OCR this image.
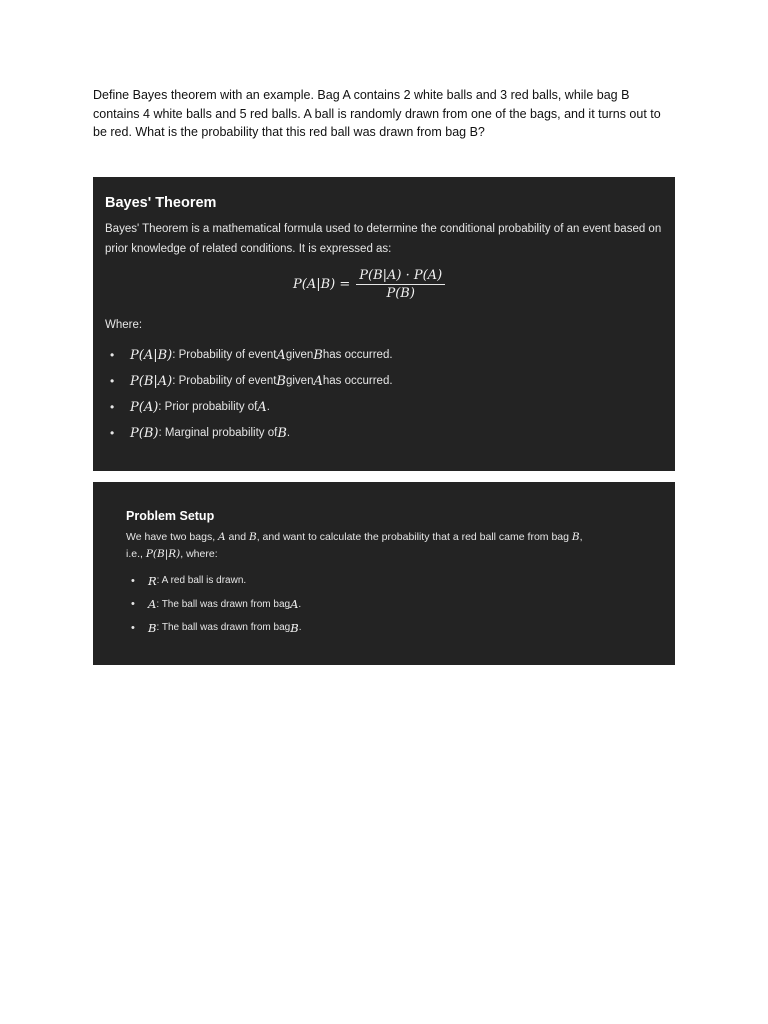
Define Bayes theorem with an example. Bag A contains 2 white balls and 3 red balls, while bag B contains 4 white balls and 5 red balls. A ball is randomly drawn from one of the bags, and it turns out to be red. What is the probability that this red ball was drawn from bag B?
Bayes' Theorem
Bayes' Theorem is a mathematical formula used to determine the conditional probability of an event based on prior knowledge of related conditions. It is expressed as:
$P(A|B) = \frac{P(B|A) \cdot P(A)}{P(B)}$
Where:
•	P(A|B) : Probability of event A given B has occurred.
•	P(B|A) : Probability of event B given A has occurred.
•	P(A) : Prior probability of A .
•	P(B) : Marginal probability of B .
Problem Setup
We have two bags, A and B, and want to calculate the probability that a red ball came from bag B,
i.e., P(B|R), where:
•	R : A red ball is drawn.
•	A : The ball was drawn from bag A .
•	B : The ball was drawn from bag B .
